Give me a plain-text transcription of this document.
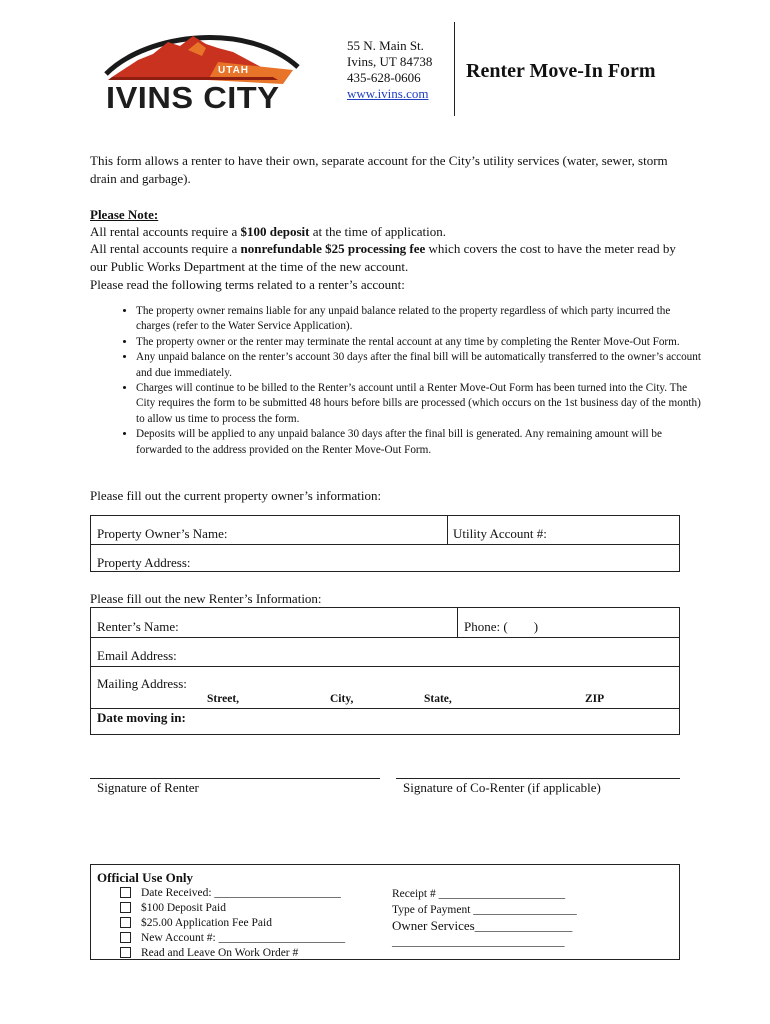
UTAH
IVINS CITY
55 N. Main St.
Ivins, UT 84738
435-628-0606
www.ivins.com
Renter Move-In Form
This form allows a renter to have their own, separate account for the City’s utility services (water, sewer, storm drain and garbage).
Please Note:
All rental accounts require a $100 deposit at the time of application.
All rental accounts require a nonrefundable $25 processing fee which covers the cost to have the meter read by our Public Works Department at the time of the new account.
Please read the following terms related to a renter’s account:
• The property owner remains liable for any unpaid balance related to the property regardless of which party incurred the charges (refer to the Water Service Application).
• The property owner or the renter may terminate the rental account at any time by completing the Renter Move-Out Form.
• Any unpaid balance on the renter’s account 30 days after the final bill will be automatically transferred to the owner’s account and due immediately.
• Charges will continue to be billed to the Renter’s account until a Renter Move-Out Form has been turned into the City. The City requires the form to be submitted 48 hours before bills are processed (which occurs on the 1st business day of the month) to allow us time to process the form.
• Deposits will be applied to any unpaid balance 30 days after the final bill is generated. Any remaining amount will be forwarded to the address provided on the Renter Move-Out Form.
Please fill out the current property owner’s information:
Property Owner’s Name:	Utility Account #:
Property Address:
Please fill out the new Renter’s Information:
Renter’s Name:	Phone: (        )
Email Address:
Mailing Address:
Street,	City,	State,	ZIP
Date moving in:
Signature of Renter	Signature of Co-Renter (if applicable)
Official Use Only
Date Received: ______________________
$100 Deposit Paid
$25.00 Application Fee Paid
New Account #: ______________________
Read and Leave On Work Order #
Receipt # ______________________
Type of Payment __________________
Owner Services_________________
______________________________
